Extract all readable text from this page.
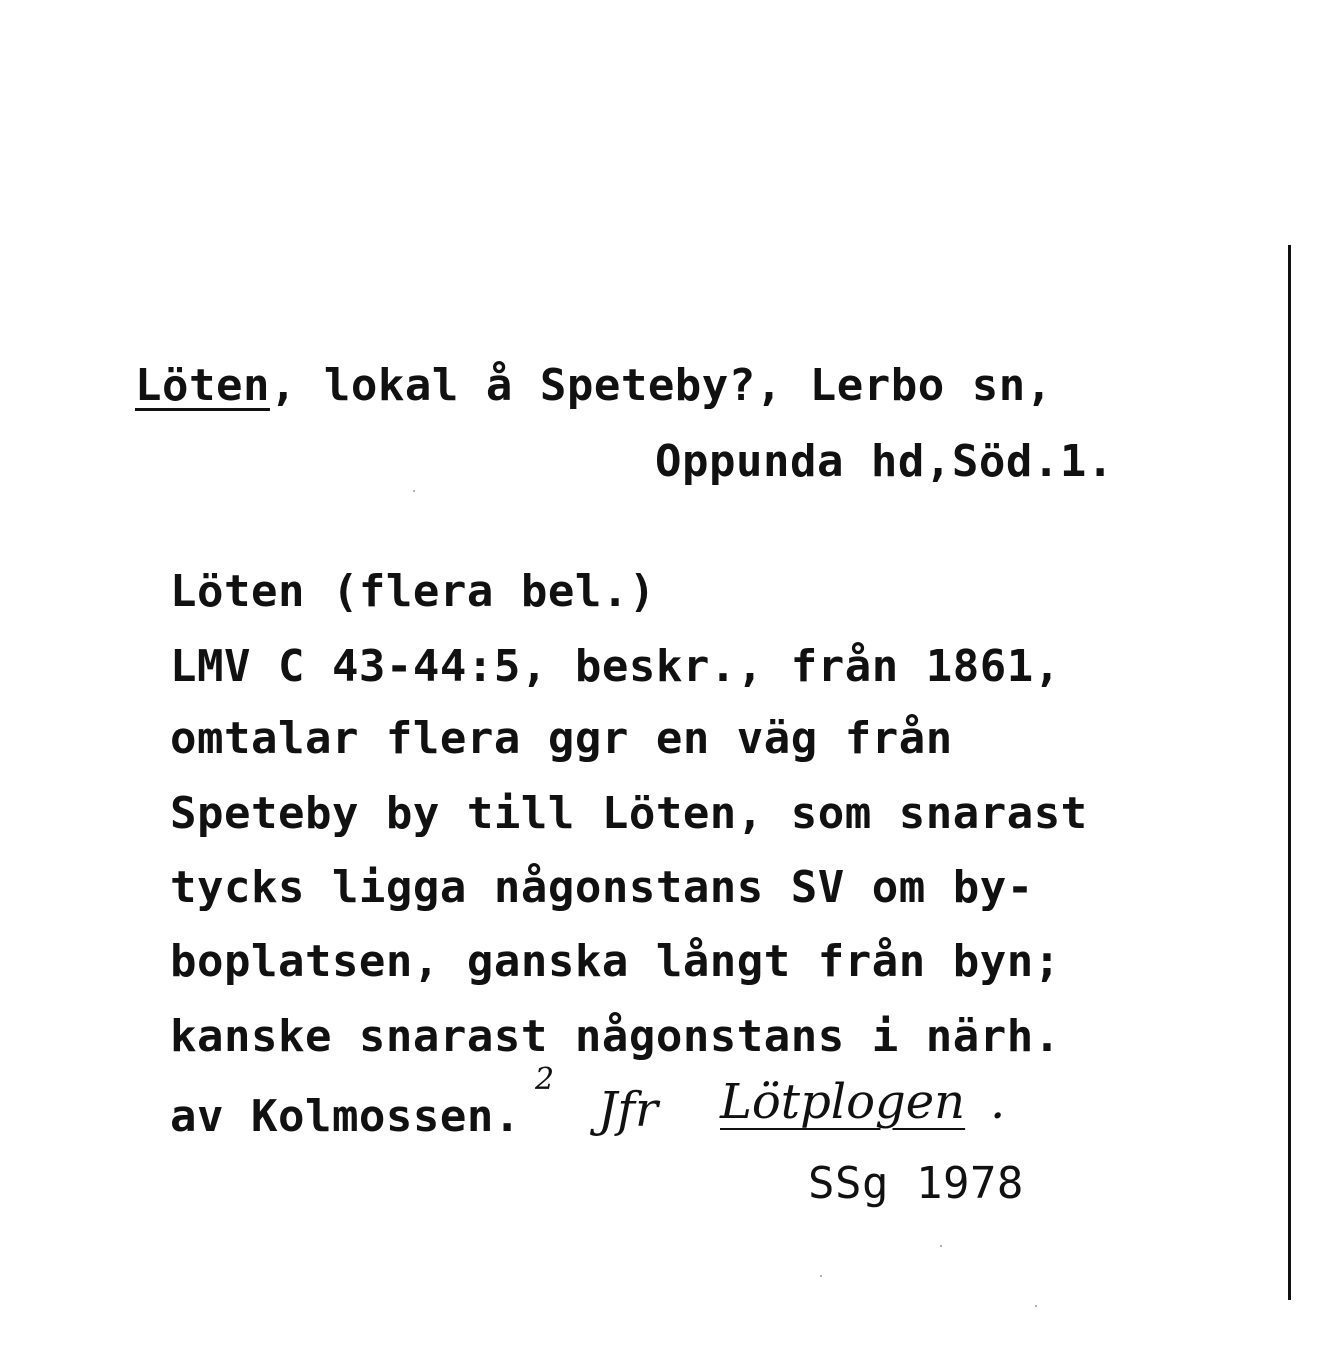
Löten, lokal å Speteby?, Lerbo sn,
Oppunda hd,Söd.1.
Löten (flera bel.)
LMV C 43-44:5, beskr., från 1861,
omtalar flera ggr en väg från
Speteby by till Löten, som snarast
tycks ligga någonstans SV om by-
boplatsen, ganska långt från byn;
kanske snarast någonstans i närh.
av Kolmossen.
2
Jfr Lötplogen .
SSg 1978
